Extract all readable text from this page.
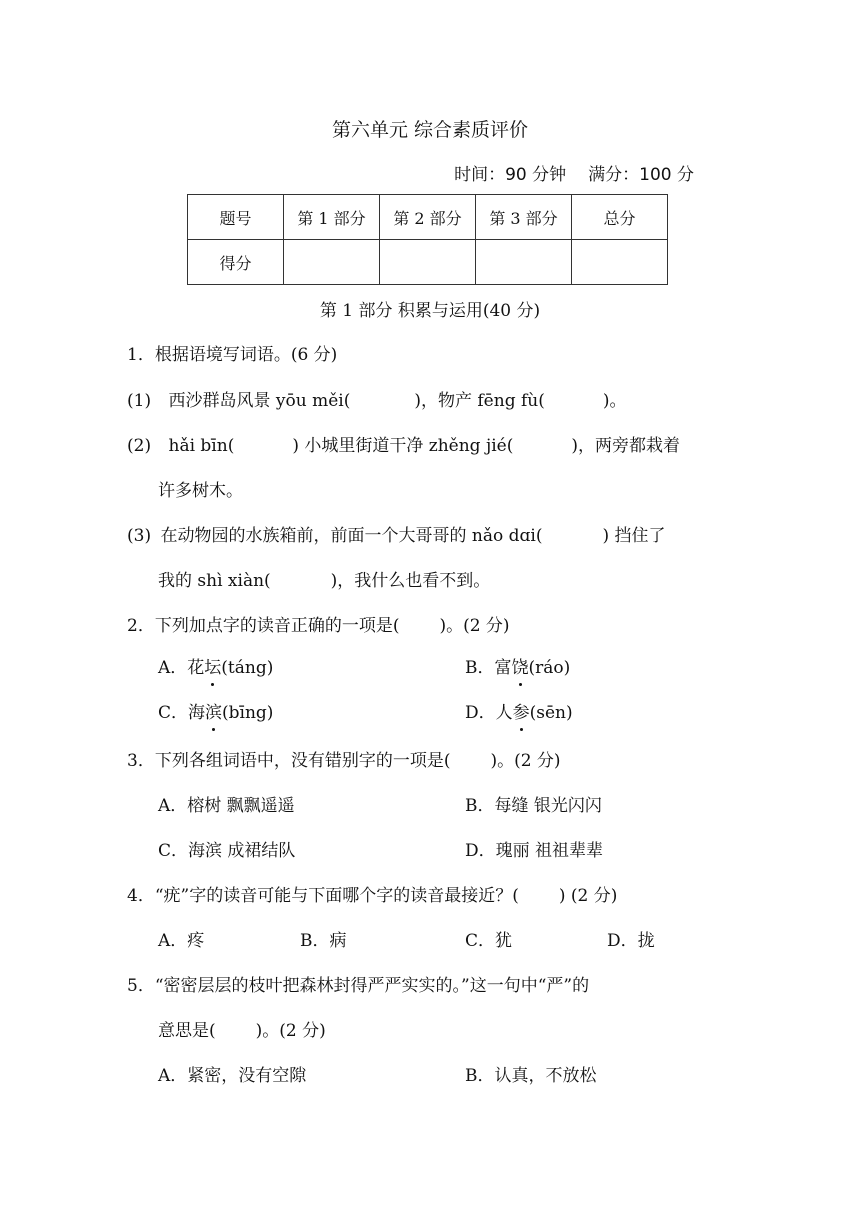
第六单元 综合素质评价
时间：90 分钟 满分：100 分
题号	第 1 部分	第 2 部分	第 3 部分	总分
得分				
第 1 部分 积累与运用(40 分)
1．根据语境写词语。(6 分)
(1) 西沙群岛风景 yōu měi(	)，物产 fēng fù(	)。
(2) hǎi bīn(	) 小城里街道干净 zhěng jié(	)，两旁都栽着
许多树木。
(3) 在动物园的水族箱前，前面一个大哥哥的 nǎo dɑi(	) 挡住了
我的 shì xiàn(	)，我什么也看不到。
2．下列加点字的读音正确的一项是( )。(2 分)
A．花坛(táng)	B．富饶(ráo)
C．海滨(bīng)	D．人参(sēn)
3．下列各组词语中，没有错别字的一项是( )。(2 分)
A．榕树 飘飘遥遥	B．每缝 银光闪闪
C．海滨 成裙结队	D．瑰丽 祖祖辈辈
4．“疣”字的读音可能与下面哪个字的读音最接近？( ) (2 分)
A．疼	B．病	C．犹	D．拢
5．“密密层层的枝叶把森林封得严严实实的。”这一句中“严”的
意思是( )。(2 分)
A．紧密，没有空隙	B．认真，不放松
